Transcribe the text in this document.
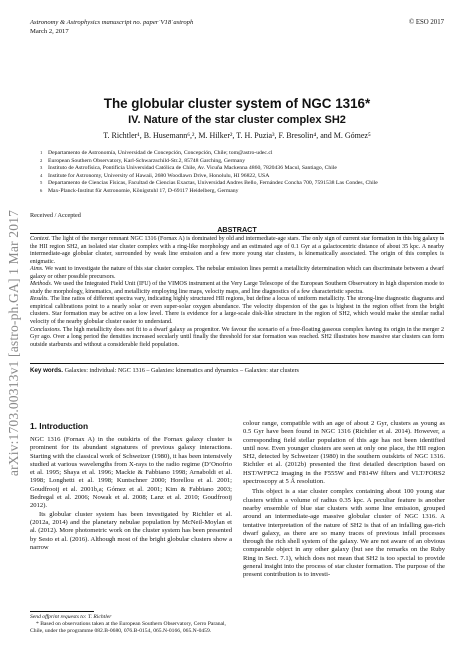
Astronomy & Astrophysics manuscript no. paper˙V18˙astroph
March 2, 2017
© ESO 2017
arXiv:1703.00313v1 [astro-ph.GA] 1 Mar 2017
The globular cluster system of NGC 1316*
IV. Nature of the star cluster complex SH2
T. Richtler¹, B. Husemann⁶,², M. Hilker², T. H. Puzia³, F. Bresolin⁴, and M. Gómez⁵
1 Departamento de Astronomía, Universidad de Concepción, Concepción, Chile; tom@astro-udec.cl
2 European Southern Observatory, Karl-Schwarzschild-Str.2, 85748 Garching, Germany
3 Instituto de Astrofísica, Pontificia Universidad Católica de Chile, Av. Vicuña Mackenna 4860, 7820436 Macul, Santiago, Chile
4 Institute for Astronomy, University of Hawaii, 2680 Woodlawn Drive, Honolulu, HI 96822, USA
5 Departamento de Ciencias Físicas, Facultad de Ciencias Exactas, Universidad Andres Bello, Fernández Concha 700, 7591538 Las Condes, Chile
6 Max-Planck-Institut für Astronomie, Königstuhl 17, D-69117 Heidelberg, Germany
Received / Accepted
ABSTRACT

Context. The light of the merger remnant NGC 1316 (Fornax A) is dominated by old and intermediate-age stars. The only sign of current star formation in this big galaxy is the HII region SH2, an isolated star cluster complex with a ring-like morphology and an estimated age of 0.1 Gyr at a galactocentric distance of about 35 kpc. A nearby intermediate-age globular cluster, surrounded by weak line emission and a few more young star clusters, is kinematically associated. The origin of this complex is enigmatic.

Aims. We want to investigate the nature of this star cluster complex. The nebular emission lines permit a metallicity determination which can discriminate between a dwarf galaxy or other possible precursors.

Methods. We used the Integrated Field Unit (IFU) of the VIMOS instrument at the Very Large Telescope of the European Southern Observatory in high dispersion mode to study the morphology, kinematics, and metallicity employing line maps, velocity maps, and line diagnostics of a few characteristic spectra.

Results. The line ratios of different spectra vary, indicating highly structured HII regions, but define a locus of uniform metallicity. The strong-line diagnostic diagrams and empirical calibrations point to a nearly solar or even super-solar oxygen abundance. The velocity dispersion of the gas is highest in the region offset from the bright clusters. Star formation may be active on a low level. There is evidence for a large-scale disk-like structure in the region of SH2, which would make the similar radial velocity of the nearby globular cluster easier to understand.

Conclusions. The high metallicity does not fit to a dwarf galaxy as progenitor. We favour the scenario of a free-floating gaseous complex having its origin in the merger 2 Gyr ago. Over a long period the densities increased secularly until finally the threshold for star formation was reached. SH2 illustrates how massive star clusters can form outside starbursts and without a considerable field population.

Key words. Galaxies: individual: NGC 1316 – Galaxies: kinematics and dynamics – Galaxies: star clusters
1. Introduction

NGC 1316 (Fornax A) in the outskirts of the Fornax galaxy cluster is prominent for its abundant signatures of previous galaxy interactions. Starting with the classical work of Schweizer (1980), it has been intensively studied at various wavelengths from X-rays to the radio regime (D’Onofrio et al. 1995; Shaya et al. 1996; Mackie & Fabbiano 1998; Arnaboldi et al. 1998; Longhetti et al. 1998; Kuntschner 2000; Horellou et al. 2001; Goudfrooij et al. 2001b,a; Gómez et al. 2001; Kim & Fabbiano 2003; Bedregal et al. 2006; Nowak et al. 2008; Lanz et al. 2010; Goudfrooij 2012).

Its globular cluster system has been investigated by Richtler et al. (2012a, 2014) and the planetary nebulae population by McNeil-Moylan et al. (2012). More photometric work on the cluster system has been presented by Sesto et al. (2016). Although most of the bright globular clusters show a narrow

colour range, compatible with an age of about 2 Gyr, clusters as young as 0.5 Gyr have been found in NGC 1316 (Richtler et al. 2014). However, a corresponding field stellar population of this age has not been identified until now. Even younger clusters are seen at only one place, the HII region SH2, detected by Schweizer (1980) in the southern outskirts of NGC 1316. Richtler et al. (2012b) presented the first detailed description based on HST/WFPC2 imaging in the F555W and F814W filters and VLT/FORS2 spectroscopy at 5 Å resolution.

This object is a star cluster complex containing about 100 young star clusters within a volume of radius 0.35 kpc. A peculiar feature is another nearby ensemble of blue star clusters with some line emission, grouped around an intermediate-age massive globular cluster of NGC 1316. A tentative interpretation of the nature of SH2 is that of an infalling gas-rich dwarf galaxy, as there are so many traces of previous infall processes through the rich shell system of the galaxy. We are not aware of an obvious comparable object in any other galaxy (but see the remarks on the Ruby Ring in Sect. 7.1), which does not mean that SH2 is too special to provide general insight into the process of star cluster formation. The purpose of the present contribution is to investi-

Send offprint requests to: T. Richtler
* Based on observations taken at the European Southern Observatory, Cerro Paranal, Chile, under the programme 082.B-0680, 076.B-0154, 065.N-0166, 065.N-0459.
